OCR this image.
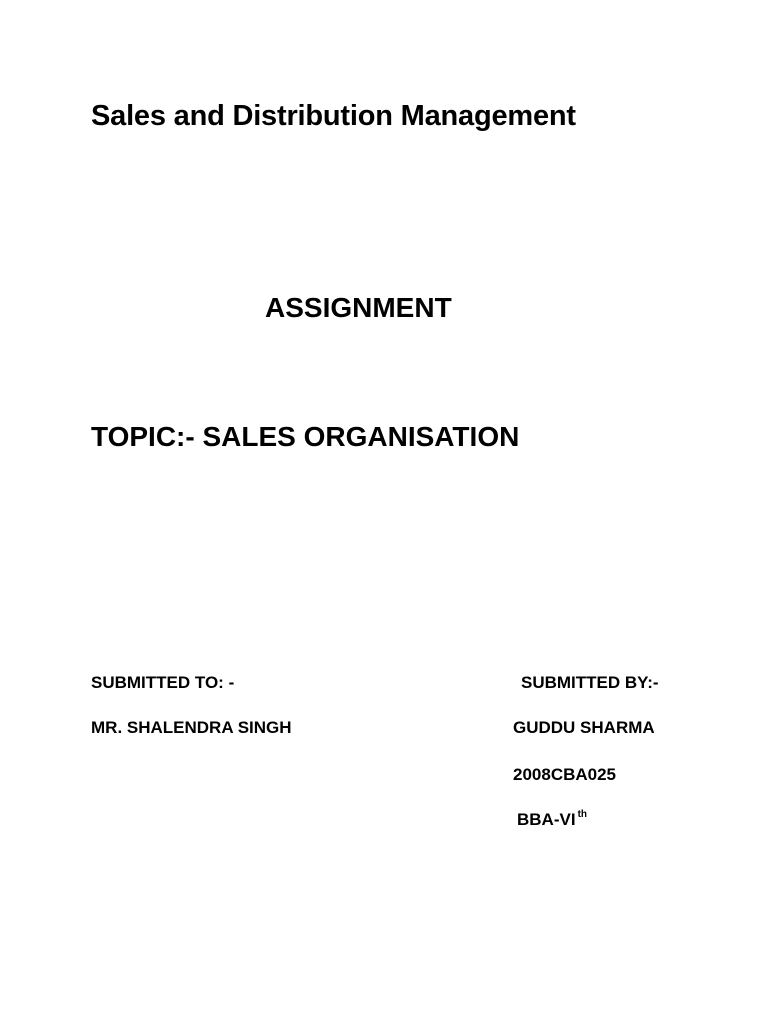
Sales and Distribution Management
ASSIGNMENT
TOPIC:- SALES ORGANISATION
SUBMITTED TO: -
MR. SHALENDRA SINGH
SUBMITTED BY:-
GUDDU SHARMA
2008CBA025
BBA-VI $^{th}$
